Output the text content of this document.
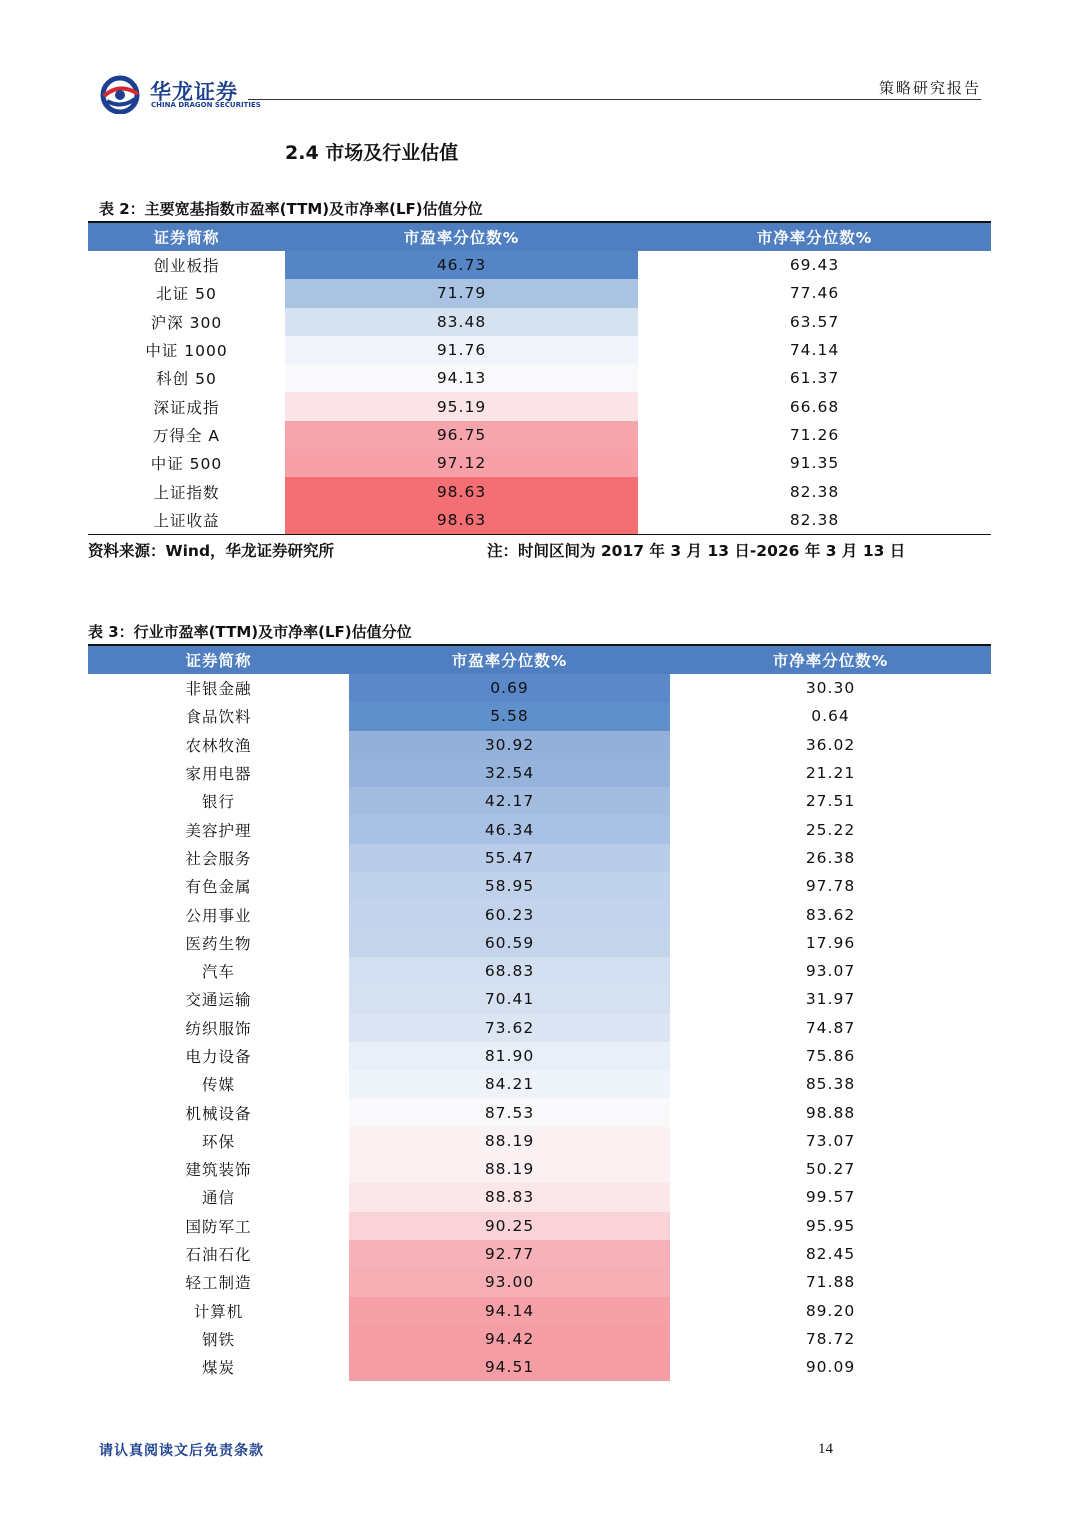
华龙证券
CHINA DRAGON SECURITIES
策略研究报告
2.4 市场及行业估值
表 2：主要宽基指数市盈率(TTM)及市净率(LF)估值分位
证券简称	市盈率分位数%	市净率分位数%
创业板指	46.73	69.43
北证 50	71.79	77.46
沪深 300	83.48	63.57
中证 1000	91.76	74.14
科创 50	94.13	61.37
深证成指	95.19	66.68
万得全 A	96.75	71.26
中证 500	97.12	91.35
上证指数	98.63	82.38
上证收益	98.63	82.38
资料来源：Wind，华龙证券研究所	注：时间区间为 2017 年 3 月 13 日-2026 年 3 月 13 日
表 3：行业市盈率(TTM)及市净率(LF)估值分位
证券简称	市盈率分位数%	市净率分位数%
非银金融	0.69	30.30
食品饮料	5.58	0.64
农林牧渔	30.92	36.02
家用电器	32.54	21.21
银行	42.17	27.51
美容护理	46.34	25.22
社会服务	55.47	26.38
有色金属	58.95	97.78
公用事业	60.23	83.62
医药生物	60.59	17.96
汽车	68.83	93.07
交通运输	70.41	31.97
纺织服饰	73.62	74.87
电力设备	81.90	75.86
传媒	84.21	85.38
机械设备	87.53	98.88
环保	88.19	73.07
建筑装饰	88.19	50.27
通信	88.83	99.57
国防军工	90.25	95.95
石油石化	92.77	82.45
轻工制造	93.00	71.88
计算机	94.14	89.20
钢铁	94.42	78.72
煤炭	94.51	90.09
请认真阅读文后免责条款	14
